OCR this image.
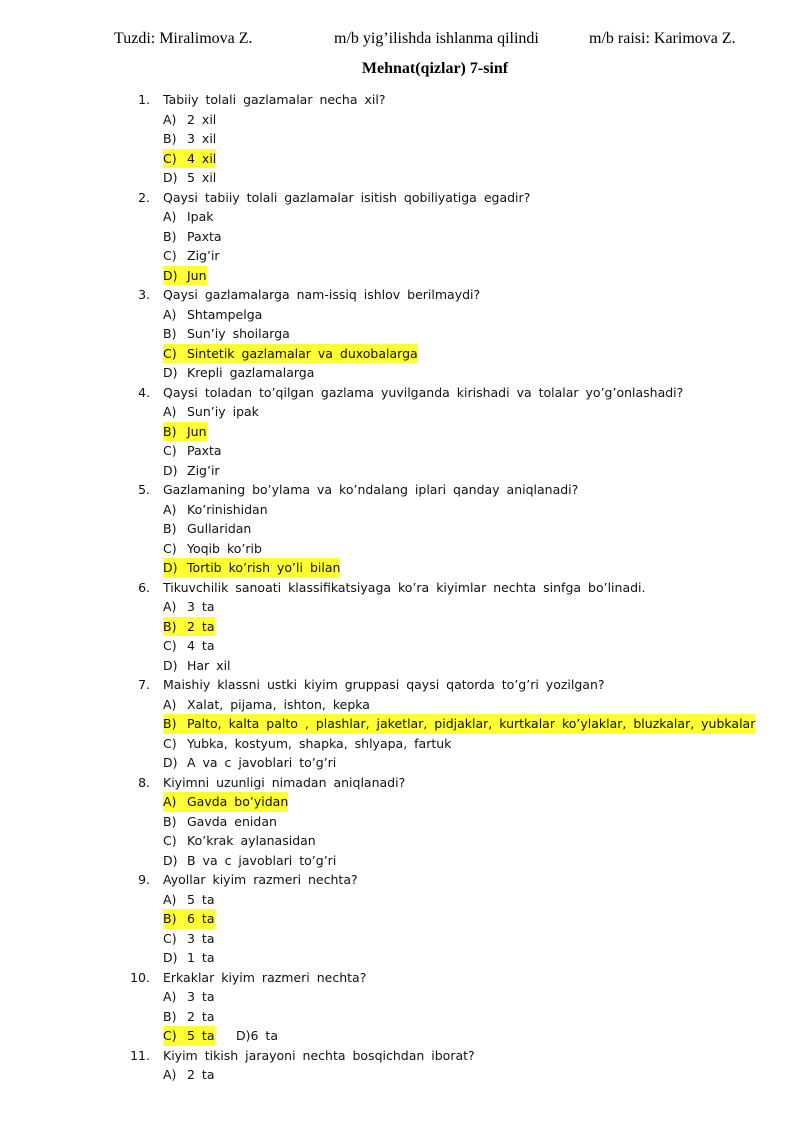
Tuzdi: Miralimova Z.	m/b yig’ilishda ishlanma qilindi	m/b raisi: Karimova Z.
Mehnat(qizlar) 7-sinf
1. Tabiiy tolali gazlamalar necha xil?
A) 2 xil
B) 3 xil
C) 4 xil
D) 5 xil
2. Qaysi tabiiy tolali gazlamalar isitish qobiliyatiga egadir?
A) Ipak
B) Paxta
C) Zig’ir
D) Jun
3. Qaysi gazlamalarga nam-issiq ishlov berilmaydi?
A) Shtampelga
B) Sun’iy shoilarga
C) Sintetik gazlamalar va duxobalarga
D) Krepli gazlamalarga
4. Qaysi toladan to’qilgan gazlama yuvilganda kirishadi va tolalar yo’g’onlashadi?
A) Sun’iy ipak
B) Jun
C) Paxta
D) Zig’ir
5. Gazlamaning bo’ylama va ko’ndalang iplari qanday aniqlanadi?
A) Ko’rinishidan
B) Gullaridan
C) Yoqib ko’rib
D) Tortib ko’rish yo’li bilan
6. Tikuvchilik sanoati klassifikatsiyaga ko’ra kiyimlar nechta sinfga bo’linadi.
A) 3 ta
B) 2 ta
C) 4 ta
D) Har xil
7. Maishiy klassni ustki kiyim gruppasi qaysi qatorda to’g’ri yozilgan?
A) Xalat, pijama, ishton, kepka
B) Palto, kalta palto , plashlar, jaketlar, pidjaklar, kurtkalar ko’ylaklar, bluzkalar, yubkalar
C) Yubka, kostyum, shapka, shlyapa, fartuk
D) A va c javoblari to’g’ri
8. Kiyimni uzunligi nimadan aniqlanadi?
A) Gavda bo’yidan
B) Gavda enidan
C) Ko’krak aylanasidan
D) B va c javoblari to’g’ri
9. Ayollar kiyim razmeri nechta?
A) 5 ta
B) 6 ta
C) 3 ta
D) 1 ta
10. Erkaklar kiyim razmeri nechta?
A) 3 ta
B) 2 ta
C) 5 ta D)6 ta
11. Kiyim tikish jarayoni nechta bosqichdan iborat?
A) 2 ta
